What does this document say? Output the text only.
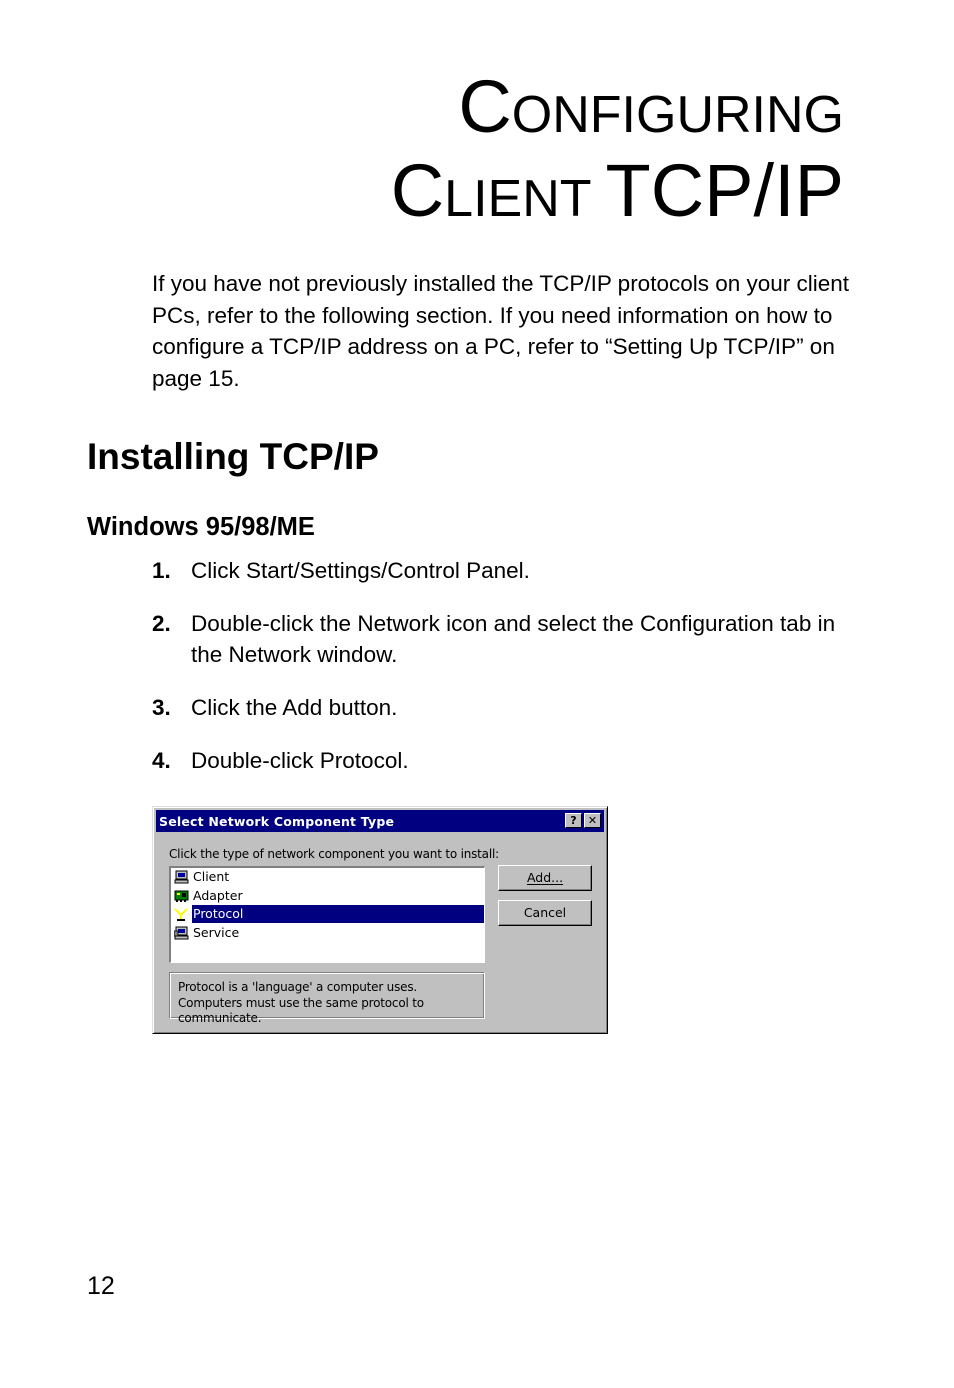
Configuring
Client TCP/IP

If you have not previously installed the TCP/IP protocols on your client PCs, refer to the following section. If you need information on how to configure a TCP/IP address on a PC, refer to “Setting Up TCP/IP” on page 15.

Installing TCP/IP
Windows 95/98/ME
1. Click Start/Settings/Control Panel.
2. Double-click the Network icon and select the Configuration tab in the Network window.
3. Click the Add button.
4. Double-click Protocol.
Select Network Component Type	?	✕
Click the type of network component you want to install:
Client
Adapter
Protocol
Service
Add...
Cancel
Protocol is a 'language' a computer uses. Computers must use the same protocol to communicate.
12
